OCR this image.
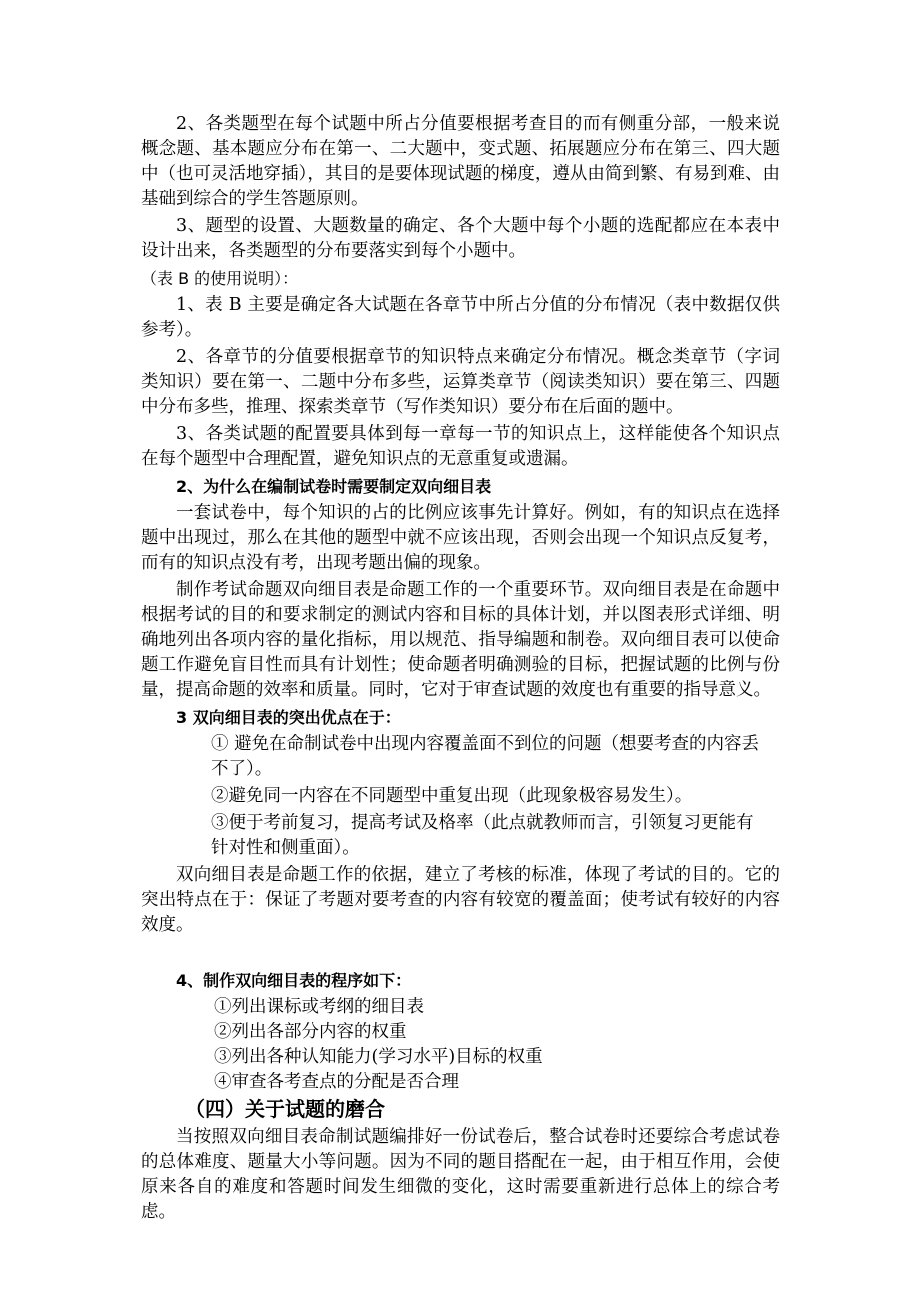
2、各类题型在每个试题中所占分值要根据考查目的而有侧重分部，一般来说概念题、基本题应分布在第一、二大题中，变式题、拓展题应分布在第三、四大题中（也可灵活地穿插），其目的是要体现试题的梯度，遵从由简到繁、有易到难、由基础到综合的学生答题原则。

3、题型的设置、大题数量的确定、各个大题中每个小题的选配都应在本表中设计出来，各类题型的分布要落实到每个小题中。

（表 B 的使用说明）：

1、表 B 主要是确定各大试题在各章节中所占分值的分布情况（表中数据仅供参考）。

2、各章节的分值要根据章节的知识特点来确定分布情况。概念类章节（字词类知识）要在第一、二题中分布多些，运算类章节（阅读类知识）要在第三、四题中分布多些，推理、探索类章节（写作类知识）要分布在后面的题中。

3、各类试题的配置要具体到每一章每一节的知识点上，这样能使各个知识点在每个题型中合理配置，避免知识点的无意重复或遗漏。

2、为什么在编制试卷时需要制定双向细目表

一套试卷中，每个知识的占的比例应该事先计算好。例如，有的知识点在选择题中出现过，那么在其他的题型中就不应该出现，否则会出现一个知识点反复考，而有的知识点没有考，出现考题出偏的现象。

制作考试命题双向细目表是命题工作的一个重要环节。双向细目表是在命题中根据考试的目的和要求制定的测试内容和目标的具体计划，并以图表形式详细、明确地列出各项内容的量化指标，用以规范、指导编题和制卷。双向细目表可以使命题工作避免盲目性而具有计划性；使命题者明确测验的目标，把握试题的比例与份量，提高命题的效率和质量。同时，它对于审查试题的效度也有重要的指导意义。

3 双向细目表的突出优点在于：

① 避免在命制试卷中出现内容覆盖面不到位的问题（想要考查的内容丢不了）。

②避免同一内容在不同题型中重复出现（此现象极容易发生）。

③便于考前复习，提高考试及格率（此点就教师而言，引领复习更能有针对性和侧重面）。

双向细目表是命题工作的依据，建立了考核的标准，体现了考试的目的。它的突出特点在于：保证了考题对要考查的内容有较宽的覆盖面；使考试有较好的内容效度。

4、制作双向细目表的程序如下：

①列出课标或考纲的细目表

②列出各部分内容的权重

③列出各种认知能力(学习水平)目标的权重

④审查各考查点的分配是否合理

（四）关于试题的磨合

当按照双向细目表命制试题编排好一份试卷后，整合试卷时还要综合考虑试卷的总体难度、题量大小等问题。因为不同的题目搭配在一起，由于相互作用，会使原来各自的难度和答题时间发生细微的变化，这时需要重新进行总体上的综合考虑。
